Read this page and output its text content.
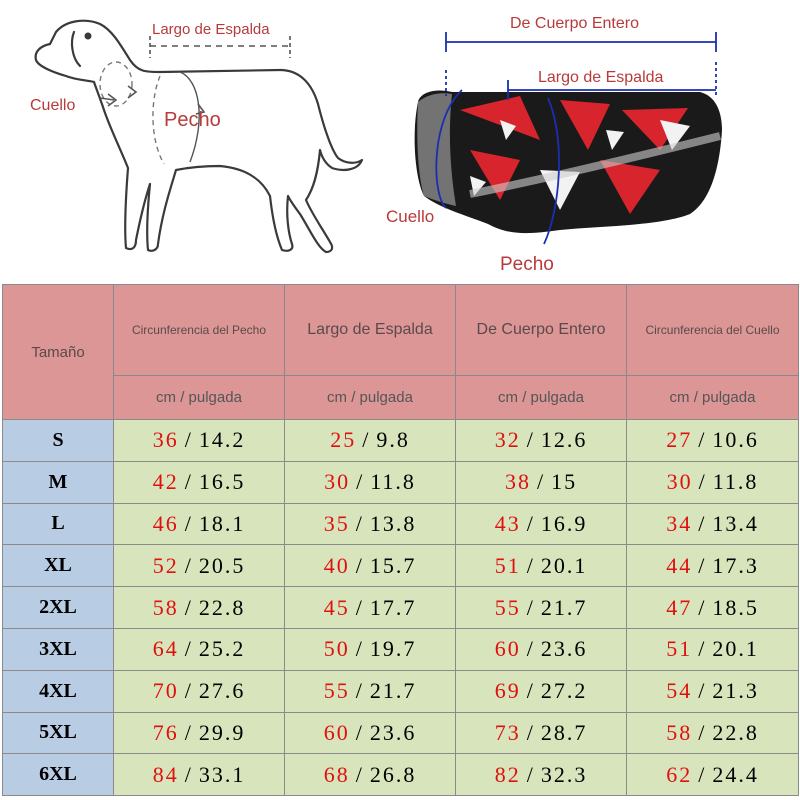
Largo de Espalda
Cuello
Pecho
De Cuerpo Entero
Largo de Espalda
Cuello
Pecho
Tamaño	Circunferencia del Pecho	Largo de Espalda	De Cuerpo Entero	Circunferencia del Cuello
	cm / pulgada	cm / pulgada	cm / pulgada	cm / pulgada
S	36 / 14.2	25 / 9.8	32 / 12.6	27 / 10.6
M	42 / 16.5	30 / 11.8	38 / 15	30 / 11.8
L	46 / 18.1	35 / 13.8	43 / 16.9	34 / 13.4
XL	52 / 20.5	40 / 15.7	51 / 20.1	44 / 17.3
2XL	58 / 22.8	45 / 17.7	55 / 21.7	47 / 18.5
3XL	64 / 25.2	50 / 19.7	60 / 23.6	51 / 20.1
4XL	70 / 27.6	55 / 21.7	69 / 27.2	54 / 21.3
5XL	76 / 29.9	60 / 23.6	73 / 28.7	58 / 22.8
6XL	84 / 33.1	68 / 26.8	82 / 32.3	62 / 24.4
